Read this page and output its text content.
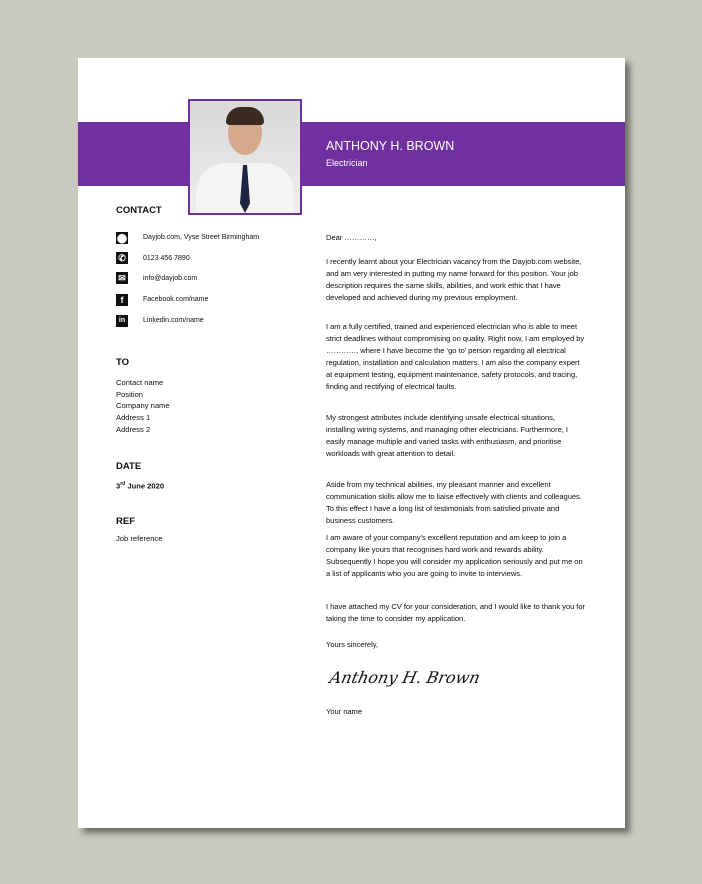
ANTHONY H. BROWN
Electrician
CONTACT
⬤ Dayjob.com, Vyse Street Birmingham
✆	0123 456 7890
✉	info@dayjob.com
f	Facebook.com/name
in	Linkedin.com/name
TO
Contact name
Position
Company name
Address 1
Address 2
DATE
3rd June 2020
REF
Job reference
Dear …………,
I recently learnt about your Electrician vacancy from the Dayjob.com website, and am very interested in putting my name forward for this position. Your job description requires the same skills, abilities, and work ethic that I have developed and achieved during my previous employment.
I am a fully certified, trained and experienced electrician who is able to meet strict deadlines without compromising on quality. Right now, I am employed by …………, where I have become the ‘go to’ person regarding all electrical regulation, installation and calculation matters. I am also the company expert at equipment testing, equipment maintenance, safety protocols, and tracing, finding and rectifying of electrical faults.
My strongest attributes include identifying unsafe electrical situations, installing wiring systems, and managing other electricians. Furthermore, I easily manage multiple and varied tasks with enthusiasm, and prioritise workloads with great attention to detail.
Aside from my technical abilities, my pleasant manner and excellent communication skills allow me to liaise effectively with clients and colleagues. To this effect I have a long list of testimonials from satisfied private and business customers.
I am aware of your company’s excellent reputation and am keep to join a company like yours that recognises hard work and rewards ability. Subsequently I hope you will consider my application seriously and put me on a list of applicants who you are going to invite to interviews.
I have attached my CV for your consideration, and I would like to thank you for taking the time to consider my application.
Yours sincerely,
Anthony H. Brown
Your name
